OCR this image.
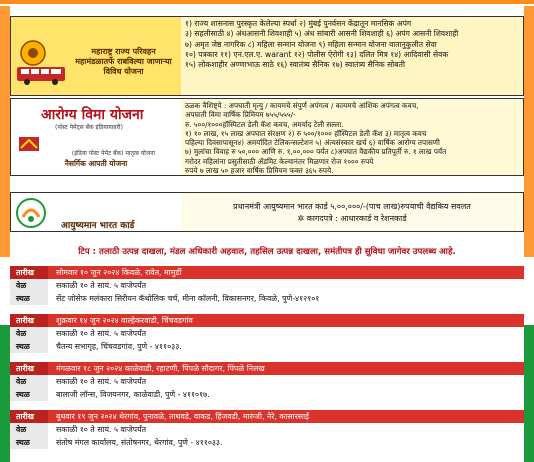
महाराष्ट्र राज्य परिवहन महामंडळातर्फे राबविल्या जाणाऱ्या विविध योजना
१) राज्य शासनास पुरस्कृत केलेल्या स्पर्धा २) मुंबई पुनर्वसन केंद्रातून मानसिक अपंग
३) सहलीसाठी ४) अंधआसनी शिवशाही ५) अंध सांबारी आसनी शिवशाही ६) अपंग आसनी शिवशाही
७) अमृत जेष्ठ नागरिक ८) महिला सन्मान योजना ९) महिला सन्मान योजना वातानुकुलीत सेवा
१०) पत्रकार ११) एन.एल.ए. warant १२) पोलीस ऐरोगी १३) दलित मित्र १४) आदिवासी सेवक
१५) लोकशाहीर अण्णाभाऊ साठे १६) स्वातंत्र्य सैनिक १७) स्वातंत्र्य सैनिक सोबती
आरोग्य विमा योजना
(पोस्ट पेमेंट्स बँक इंडियायावरी)
(इंडिया पोस्ट पेमेंट बँक) मातृत्व योजना
नैसर्गिक आपती योजना
ठळक वैशिष्ट्ये : अपघाती मृत्यु / कायमचे संपुर्ण अपंगत्व / कायमचे आंशिक अपंगत्व कवच,
अपघाती विमा वार्षिक प्रिमियम ७५५/५५५/-
रु. ५००/१०००हॉस्पिटल डेली कॅश कवच, अमर्याद टेली सल्ला.
१) १० लाख, १५ लाख अपघात संरक्षण २) रु ५००/१००० हॉस्पिटल डेली कॅश ३) मातृत्व कवच
पहिल्या दिवसापासून४) अमर्यादित टेलिकन्सल्टेशन ५) अंत्यसंस्कार खर्च ६) वार्षिक आरोग्य तपासणी
७) मुलांचा विवाह रु ५०,००० आणि रु. १,००,००० पर्यंत ८)अपघात वैद्यकीय प्रतिपूर्ती रु. १ लाख पर्यंत
गरोदर महिलांना प्रसुतीसाठी ॲडमिट केल्यानंतर मिळणार रोज १००० रुपये
रुपये ७ लाख ५० हजार वार्षिक प्रिमियम फक्त ३६५ रुपये.
आयुष्यमान भारत कार्ड
प्रधानमंत्री आयुष्यमान भारत कार्ड ५,००,०००/-(पाच लाख)रुपयाची वैद्यकिय सवलत
✲ कागदपत्रे : आधारकार्ड व रेशनकार्ड
टिप : तलाठी उत्पन्न दाखला, मंडल अधिकारी अहवाल, तहसिल उत्पन्न दाखला, समंतीपत्र ही सुविधा जागेवर उपलब्ध आहे.
तारीख	सोमवार १० जुन २०२४ किवळे, रावेत, मामुर्डी
वेळ	सकाळी १० ते सायं. ५ वाजेपर्यंत
स्थळ	सेंट जोसेफ मलंकारा सिरीयन कॅथोलिक चर्च, मीना कॉलनी, विकासनगर, किवळे, पुणे-४१२१०१
तारीख	शुक्रवार १४ जुन २०२४ वाल्हेकरवाडी, चिंचवडगांव
वेळ	सकाळी १० ते सायं. ५ वाजेपर्यंत
स्थळ	चैतन्य सभागृह, चिंचवडगांव, पुणे - ४११०३३.
तारीख	मंगळवार १८ जुन २०२४ काळेवाडी, रहाटणी, पिंपळे सौदागर, पिंपळे निलख
वेळ	सकाळी १० ते सायं. ५ वाजेपर्यंत
स्थळ	बालाजी लॉन्स, विजयनगर, काळेवाडी, पुणे - ४११०१७.
तारीख	बुधवार १९ जुन २०२४ थेरगांव, पुनावळे, ताथवडे, वाकड, हिंजवडी, मारुंजी, नेरे, कासारसाई
वेळ	सकाळी १० ते सायं. ५ वाजेपर्यंत
स्थळ	संतोष मंगल कार्यालय, संतोषनगर, थेरगांव, पुणे - ४११०३३.
